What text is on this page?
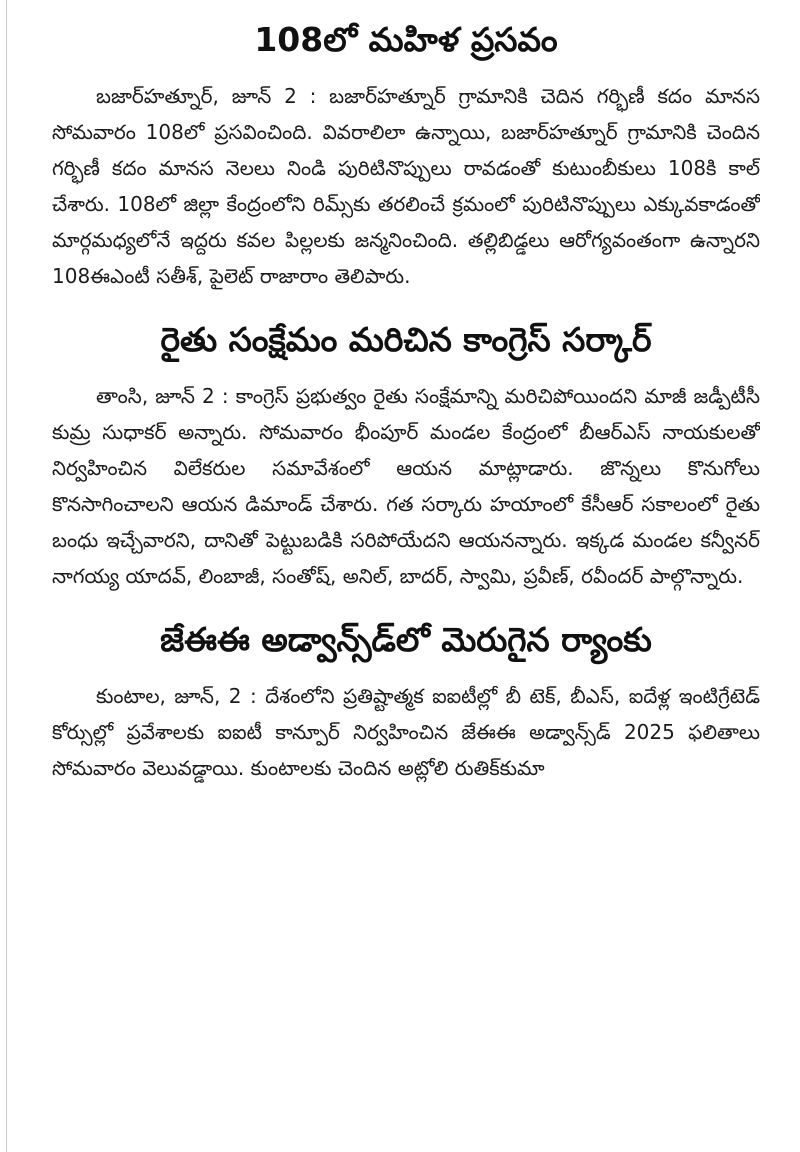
108లో మహిళ ప్రసవం

బజార్‌హత్నూర్, జూన్ 2 : బజార్‌హత్నూర్ గ్రామానికి చెదిన గర్భిణీ కదం మానస సోమవారం 108లో ప్రసవించింది. వివరాలిలా ఉన్నాయి, బజార్‌హత్నూర్ గ్రామానికి చెందిన గర్భిణీ కదం మానస నెలలు నిండి పురిటినొప్పులు రావడంతో కుటుంబీకులు 108కి కాల్ చేశారు. 108లో జిల్లా కేంద్రంలోని రిమ్స్‌కు తరలించే క్రమంలో పురిటినొప్పులు ఎక్కువకాడంతో మార్గమధ్యలోనే ఇద్దరు కవల పిల్లలకు జన్మనించింది. తల్లిబిడ్డలు ఆరోగ్యవంతంగా ఉన్నారని 108ఈఎంటీ సతీశ్, పైలెట్ రాజారాం తెలిపారు.

రైతు సంక్షేమం మరిచిన కాంగ్రెస్ సర్కార్

తాంసి, జూన్ 2 : కాంగ్రెస్ ప్రభుత్వం రైతు సంక్షేమాన్ని మరిచిపోయిందని మాజీ జడ్పీటీసీ కుమ్ర సుధాకర్ అన్నారు. సోమవారం భీంపూర్ మండల కేంద్రంలో బీఆర్ఎస్ నాయకులతో నిర్వహించిన విలేకరుల సమావేశంలో ఆయన మాట్లాడారు. జొన్నలు కొనుగోలు కొనసాగించాలని ఆయన డిమాండ్ చేశారు. గత సర్కారు హయాంలో కేసీఆర్ సకాలంలో రైతు బంధు ఇచ్చేవారని, దానితో పెట్టుబడికి సరిపోయేదని ఆయనన్నారు. ఇక్కడ మండల కన్వీనర్ నాగయ్య యాదవ్, లింబాజీ, సంతోష్, అనిల్, బాదర్, స్వామి, ప్రవీణ్, రవీందర్ పాల్గొన్నారు.

జేఈఈ అడ్వాన్స్‌డ్‌లో మెరుగైన ర్యాంకు

కుంటాల, జూన్, 2 : దేశంలోని ప్రతిష్టాత్మక ఐఐటీల్లో బీ టెక్, బీఎస్, ఐదేళ్ల ఇంటిగ్రేటెడ్ కోర్సుల్లో ప్రవేశాలకు ఐఐటీ కాన్పూర్ నిర్వహించిన జేఈఈ అడ్వాన్స్‌డ్ 2025 ఫలితాలు సోమవారం వెలువడ్డాయి. కుంటాలకు చెందిన అట్లోలి రుతిక్‌కుమా
